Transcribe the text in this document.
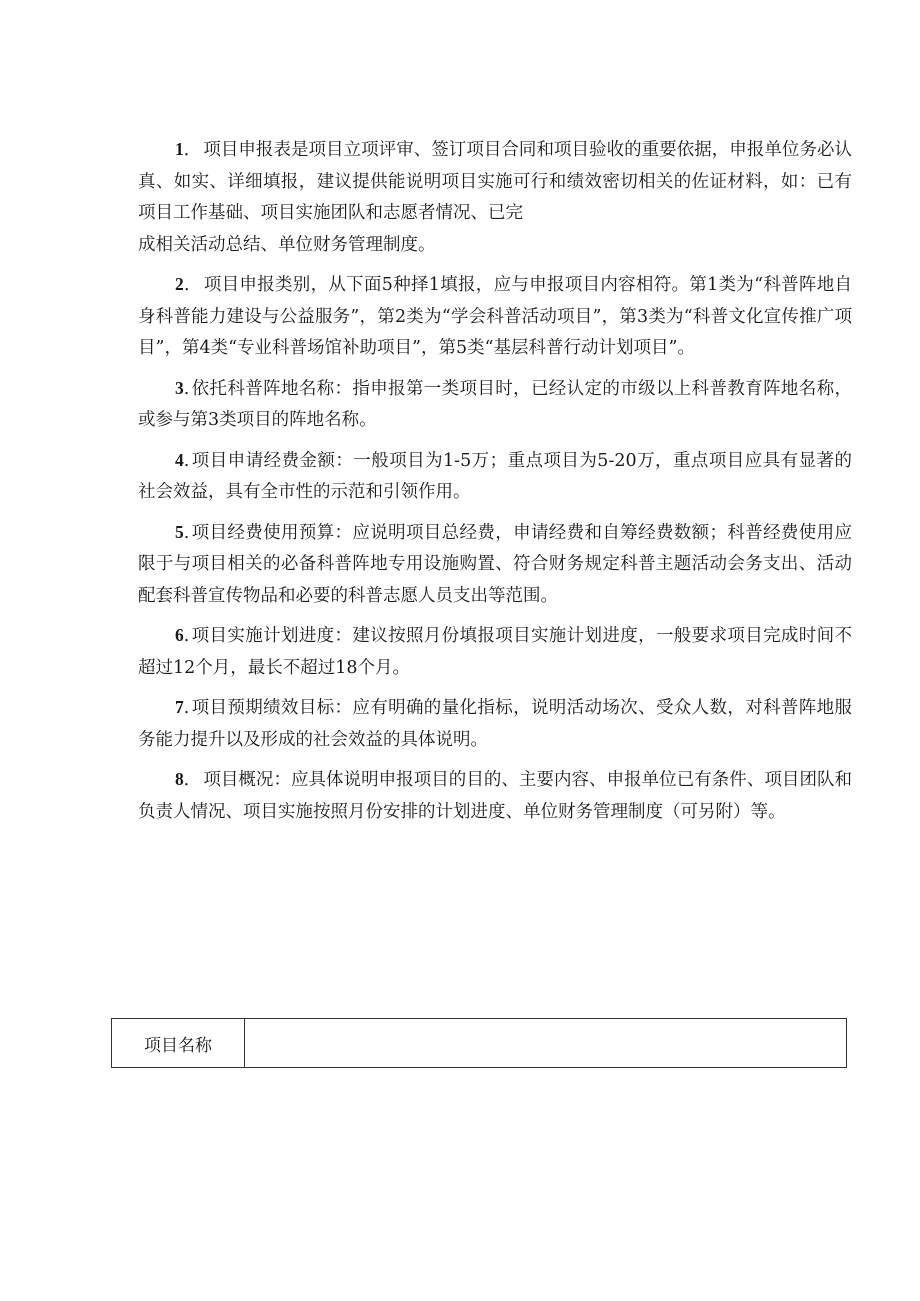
1． 项目申报表是项目立项评审、签订项目合同和项目验收的重要依据，申报单位务必认真、如实、详细填报，建议提供能说明项目实施可行和绩效密切相关的佐证材料，如：已有项目工作基础、项目实施团队和志愿者情况、已完
成相关活动总结、单位财务管理制度。

2． 项目申报类别，从下面5种择1填报，应与申报项目内容相符。第1类为“科普阵地自身科普能力建设与公益服务”，第2类为“学会科普活动项目”，第3类为“科普文化宣传推广项目”，第4类“专业科普场馆补助项目”，第5类“基层科普行动计划项目”。

3. 依托科普阵地名称：指申报第一类项目时，已经认定的市级以上科普教育阵地名称，或参与第3类项目的阵地名称。

4. 项目申请经费金额：一般项目为1-5万；重点项目为5-20万，重点项目应具有显著的社会效益，具有全市性的示范和引领作用。

5. 项目经费使用预算：应说明项目总经费，申请经费和自筹经费数额；科普经费使用应限于与项目相关的必备科普阵地专用设施购置、符合财务规定科普主题活动会务支出、活动配套科普宣传物品和必要的科普志愿人员支出等范围。

6. 项目实施计划进度：建议按照月份填报项目实施计划进度，一般要求项目完成时间不超过12个月，最长不超过18个月。

7. 项目预期绩效目标：应有明确的量化指标，说明活动场次、受众人数，对科普阵地服务能力提升以及形成的社会效益的具体说明。

8． 项目概况：应具体说明申报项目的目的、主要内容、申报单位已有条件、项目团队和负责人情况、项目实施按照月份安排的计划进度、单位财务管理制度（可另附）等。

项目名称	
